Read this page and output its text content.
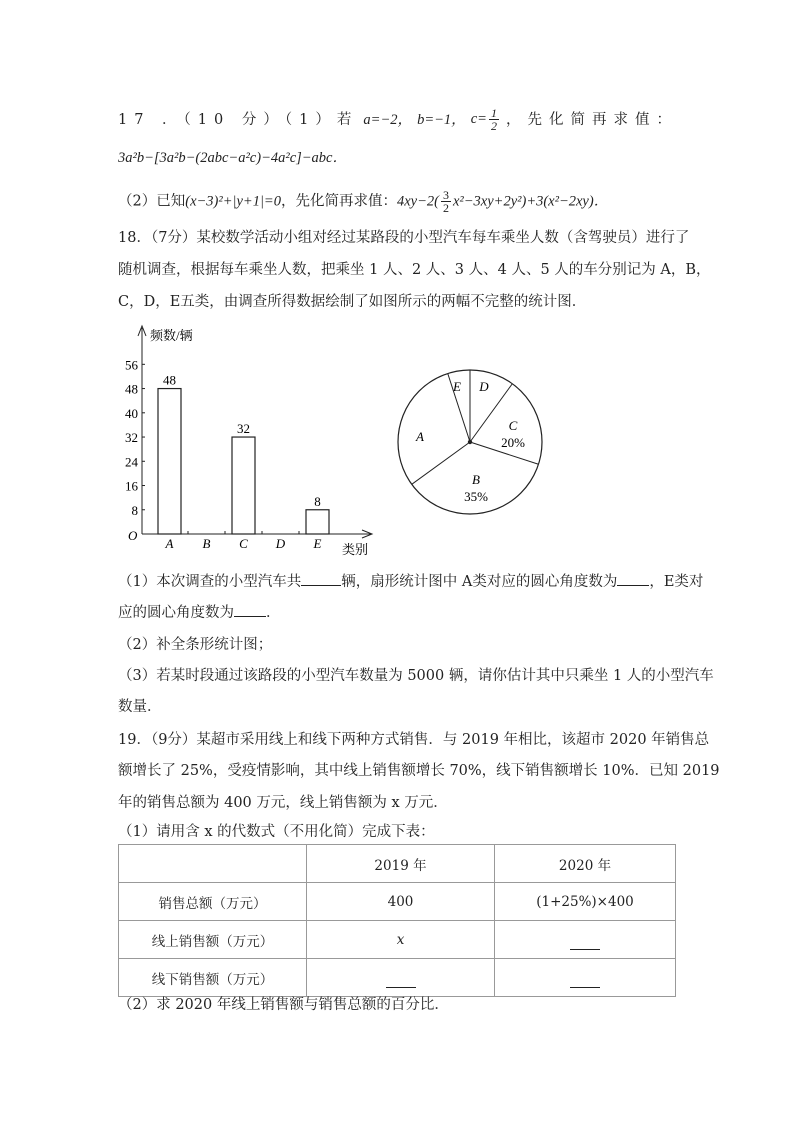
17 ．（10 分）（1）若 a=−2， b=−1， $c= \frac{1}{2}$ ，先化简再求值：
3a²b−[3a²b−(2abc−a²c)−4a²c]−abc．
（2）已知(x−3)²+|y+1|=0，先化简再求值：$4xy-2( \frac{3}{2} x^2-3xy+2y^2)+3(x^2-2xy)$．
18．（7分）某校数学活动小组对经过某路段的小型汽车每车乘坐人数（含驾驶员）进行了
随机调查，根据每车乘坐人数，把乘坐 1 人、2 人、3 人、4 人、5 人的车分别记为 A，B，
C，D，E五类，由调查所得数据绘制了如图所示的两幅不完整的统计图．
频数/辆
类别
O
8
16
24
32
40
48
56
A
48
B C
32
D E
8
A
B
35%
C
20%
D
E
（1）本次调查的小型汽车共	辆，扇形统计图中 A类对应的圆心角度数为 ，E类对
应的圆心角度数为 ．
（2）补全条形统计图；
（3）若某时段通过该路段的小型汽车数量为 5000 辆，请你估计其中只乘坐 1 人的小型汽车
数量．
19．（9分）某超市采用线上和线下两种方式销售．与 2019 年相比，该超市 2020 年销售总
额增长了 25%，受疫情影响，其中线上销售额增长 70%，线下销售额增长 10%．已知 2019
年的销售总额为 400 万元，线上销售额为 x 万元．
（1）请用含 x 的代数式（不用化简）完成下表：
	2019 年	2020 年
销售总额（万元）	400	(1+25%)×400
线上销售额（万元）	x	
线下销售额（万元）		
（2）求 2020 年线上销售额与销售总额的百分比．
